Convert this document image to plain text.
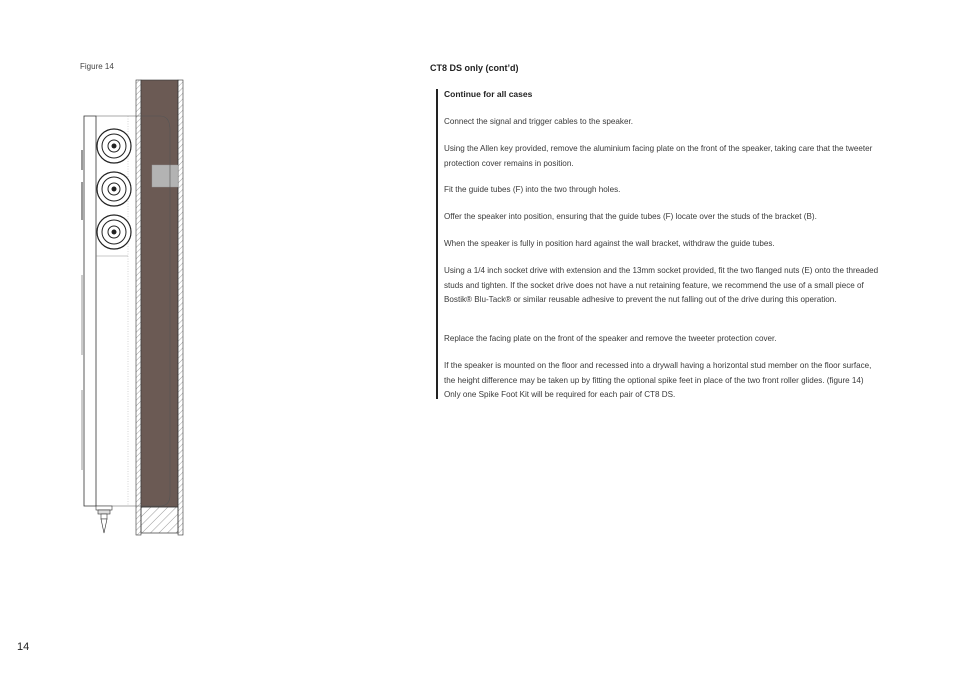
Figure 14	CT8 DS only (cont’d)
Continue for all cases
Connect the signal and trigger cables to the speaker.
Using the Allen key provided, remove the aluminium facing plate on the front of the speaker, taking care that the tweeter protection cover remains in position.
Fit the guide tubes (F) into the two through holes.
Offer the speaker into position, ensuring that the guide tubes (F) locate over the studs of the bracket (B).
When the speaker is fully in position hard against the wall bracket, withdraw the guide tubes.
Using a 1/4 inch socket drive with extension and the 13mm socket provided, fit the two flanged nuts (E) onto the threaded studs and tighten. If the socket drive does not have a nut retaining feature, we recommend the use of a small piece of Bostik® Blu-Tack® or similar reusable adhesive to prevent the nut falling out of the drive during this operation.
Replace the facing plate on the front of the speaker and remove the tweeter protection cover.
If the speaker is mounted on the floor and recessed into a drywall having a horizontal stud member on the floor surface, the height difference may be taken up by fitting the optional spike feet in place of the two front roller glides. (figure 14) Only one Spike Foot Kit will be required for each pair of CT8 DS.
14
